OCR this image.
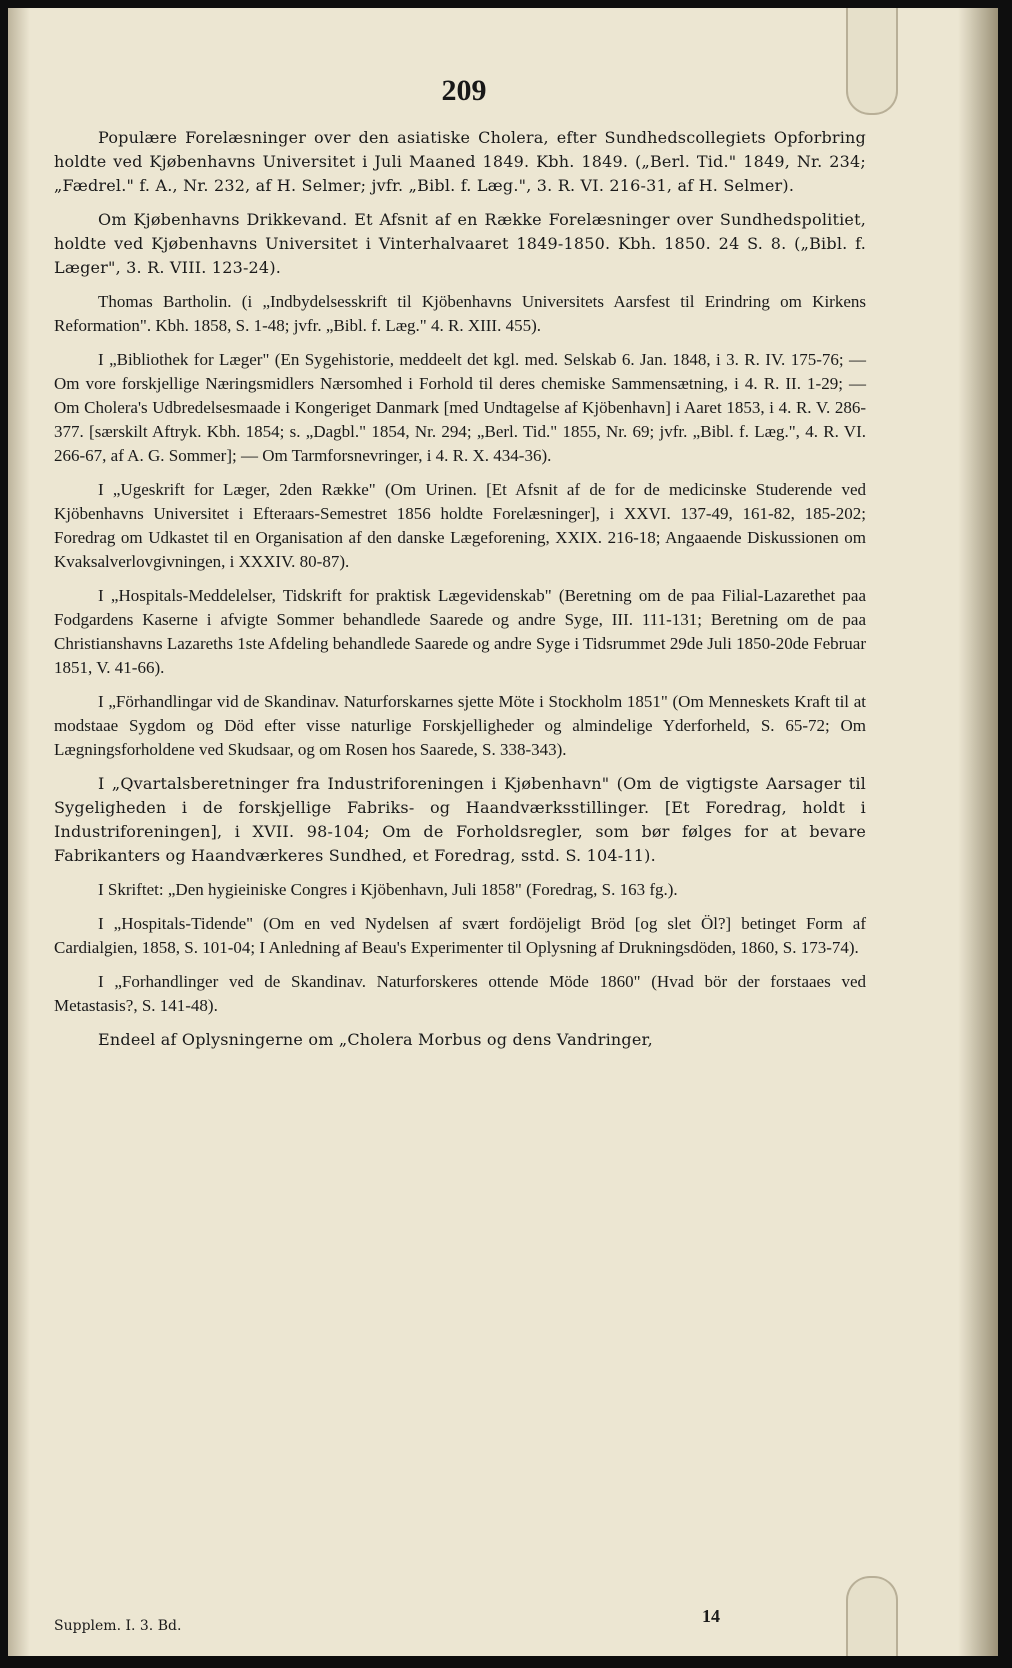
209

Populære Forelæsninger over den asiatiske Cholera, efter Sundhedscollegiets Opforbring holdte ved Kjøbenhavns Universitet i Juli Maaned 1849. Kbh. 1849. („Berl. Tid." 1849, Nr. 234; „Fædrel." f. A., Nr. 232, af H. Selmer; jvfr. „Bibl. f. Læg.", 3. R. VI. 216-31, af H. Selmer).

Om Kjøbenhavns Drikkevand. Et Afsnit af en Række Forelæsninger over Sundhedspolitiet, holdte ved Kjøbenhavns Universitet i Vinterhalvaaret 1849-1850. Kbh. 1850. 24 S. 8. („Bibl. f. Læger", 3. R. VIII. 123-24).

Thomas Bartholin. (i „Indbydelsesskrift til Kjöbenhavns Universitets Aarsfest til Erindring om Kirkens Reformation". Kbh. 1858, S. 1-48; jvfr. „Bibl. f. Læg." 4. R. XIII. 455).

I „Bibliothek for Læger" (En Sygehistorie, meddeelt det kgl. med. Selskab 6. Jan. 1848, i 3. R. IV. 175-76; — Om vore forskjellige Næringsmidlers Nærsomhed i Forhold til deres chemiske Sammensætning, i 4. R. II. 1-29; — Om Cholera's Udbredelsesmaade i Kongeriget Danmark [med Undtagelse af Kjöbenhavn] i Aaret 1853, i 4. R. V. 286-377. [særskilt Aftryk. Kbh. 1854; s. „Dagbl." 1854, Nr. 294; „Berl. Tid." 1855, Nr. 69; jvfr. „Bibl. f. Læg.", 4. R. VI. 266-67, af A. G. Sommer]; — Om Tarmforsnevringer, i 4. R. X. 434-36).

I „Ugeskrift for Læger, 2den Række" (Om Urinen. [Et Afsnit af de for de medicinske Studerende ved Kjöbenhavns Universitet i Efteraars-Semestret 1856 holdte Forelæsninger], i XXVI. 137-49, 161-82, 185-202; Foredrag om Udkastet til en Organisation af den danske Lægeforening, XXIX. 216-18; Angaaende Diskussionen om Kvaksalverlovgivningen, i XXXIV. 80-87).

I „Hospitals-Meddelelser, Tidskrift for praktisk Lægevidenskab" (Beretning om de paa Filial-Lazarethet paa Fodgardens Kaserne i afvigte Sommer behandlede Saarede og andre Syge, III. 111-131; Beretning om de paa Christianshavns Lazareths 1ste Afdeling behandlede Saarede og andre Syge i Tidsrummet 29de Juli 1850-20de Februar 1851, V. 41-66).

I „Förhandlingar vid de Skandinav. Naturforskarnes sjette Möte i Stockholm 1851" (Om Menneskets Kraft til at modstaae Sygdom og Död efter visse naturlige Forskjelligheder og almindelige Yderforheld, S. 65-72; Om Lægningsforholdene ved Skudsaar, og om Rosen hos Saarede, S. 338-343).

I „Qvartalsberetninger fra Industriforeningen i Kjøbenhavn" (Om de vigtigste Aarsager til Sygeligheden i de forskjellige Fabriks- og Haandværksstillinger. [Et Foredrag, holdt i Industriforeningen], i XVII. 98-104; Om de Forholdsregler, som bør følges for at bevare Fabrikanters og Haandværkeres Sundhed, et Foredrag, sstd. S. 104-11).

I Skriftet: „Den hygieiniske Congres i Kjöbenhavn, Juli 1858" (Foredrag, S. 163 fg.).

I „Hospitals-Tidende" (Om en ved Nydelsen af svært fordöjeligt Bröd [og slet Öl?] betinget Form af Cardialgien, 1858, S. 101-04; I Anledning af Beau's Experimenter til Oplysning af Drukningsdöden, 1860, S. 173-74).

I „Forhandlinger ved de Skandinav. Naturforskeres ottende Möde 1860" (Hvad bör der forstaaes ved Metastasis?, S. 141-48).

Endeel af Oplysningerne om „Cholera Morbus og dens Vandringer,

Supplem. I. 3. Bd.	14
